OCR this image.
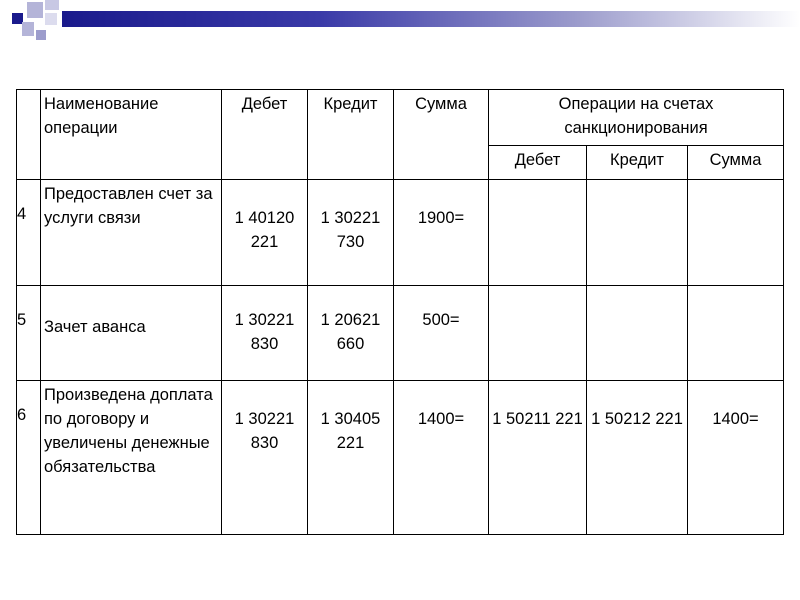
	Наименование операции	Дебет	Кредит	Сумма	Операции на счетах санкционирования		
					Дебет	Кредит	Сумма

4	Предоставлен счет за услуги связи	1 40120 221	1 30221 730	1900=			

5	Зачет аванса	1 30221 830	1 20621 660	500=			

6	Произведена доплата по договору и увеличены денежные обязательства	1 30221 830	1 30405 221	1400=	1 50211 221	1 50212 221	1400=
